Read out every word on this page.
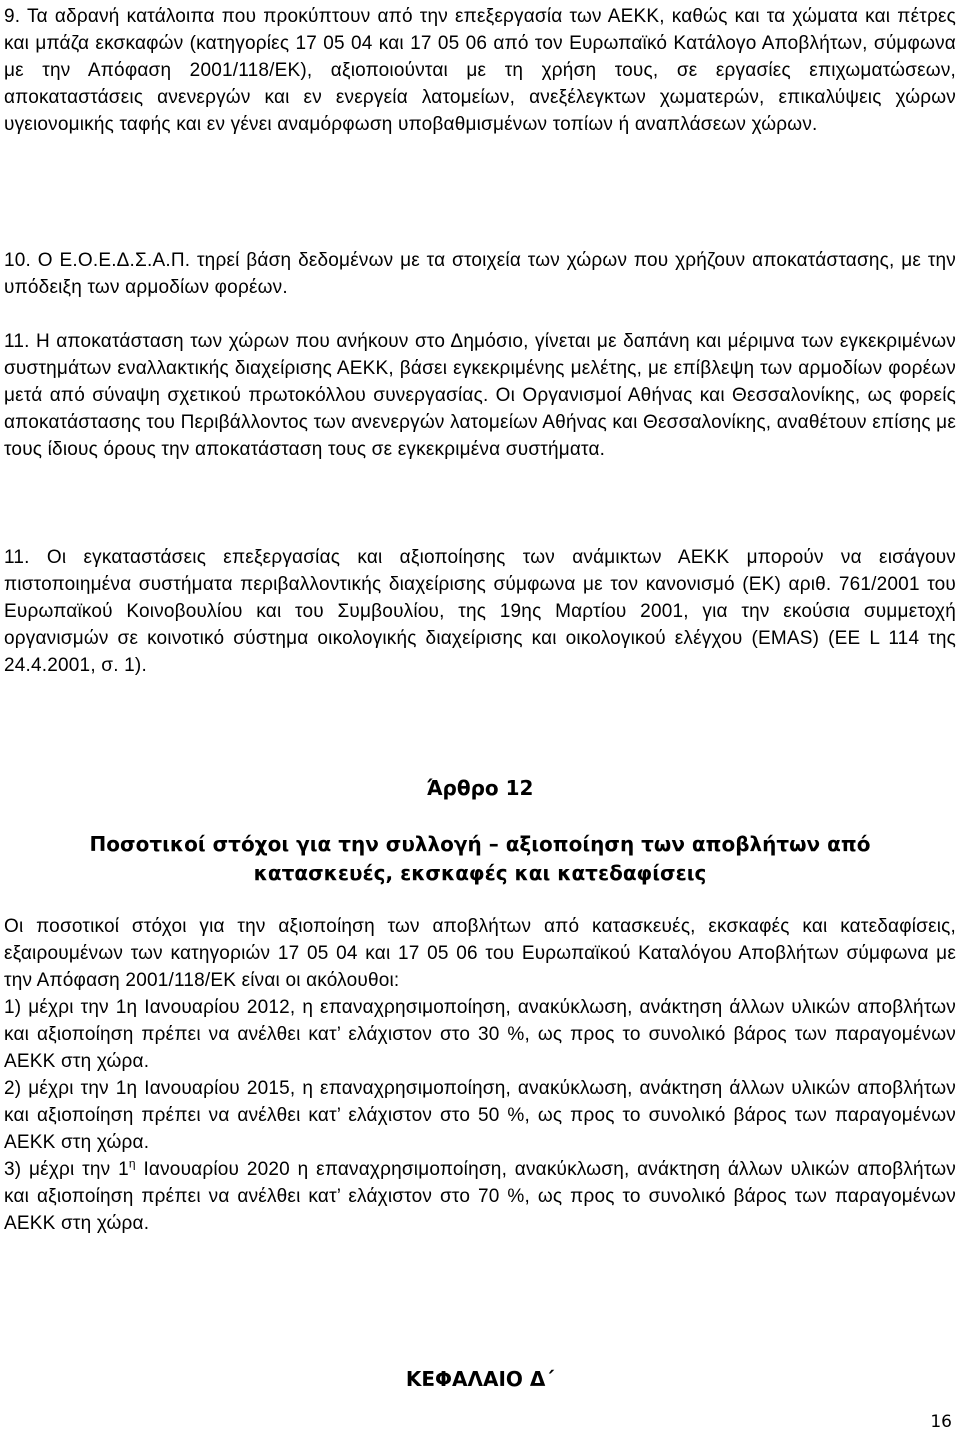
9. Τα αδρανή κατάλοιπα που προκύπτουν από την επεξεργασία των ΑΕΚΚ, καθώς και τα χώματα και πέτρες και μπάζα εκσκαφών (κατηγορίες 17 05 04 και 17 05 06 από τον Ευρωπαϊκό Κατάλογο Αποβλήτων, σύμφωνα με την Απόφαση 2001/118/ΕΚ), αξιοποιούνται με τη χρήση τους, σε εργασίες επιχωματώσεων, αποκαταστάσεις ανενεργών και εν ενεργεία λατομείων, ανεξέλεγκτων χωματερών, επικαλύψεις χώρων υγειονομικής ταφής και εν γένει αναμόρφωση υποβαθμισμένων τοπίων ή αναπλάσεων χώρων.

10. Ο Ε.Ο.Ε.Δ.Σ.Α.Π. τηρεί βάση δεδομένων με τα στοιχεία των χώρων που χρήζουν αποκατάστασης, με την υπόδειξη των αρμοδίων φορέων.

11. Η αποκατάσταση των χώρων που ανήκουν στο Δημόσιο, γίνεται με δαπάνη και μέριμνα των εγκεκριμένων συστημάτων εναλλακτικής διαχείρισης ΑΕΚΚ, βάσει εγκεκριμένης μελέτης, με επίβλεψη των αρμοδίων φορέων μετά από σύναψη σχετικού πρωτοκόλλου συνεργασίας. Οι Οργανισμοί Αθήνας και Θεσσαλονίκης, ως φορείς αποκατάστασης του Περιβάλλοντος των ανενεργών λατομείων Αθήνας και Θεσσαλονίκης, αναθέτουν επίσης με τους ίδιους όρους την αποκατάσταση τους σε εγκεκριμένα συστήματα.

11. Οι εγκαταστάσεις επεξεργασίας και αξιοποίησης των ανάμικτων ΑΕΚΚ μπορούν να εισάγουν πιστοποιημένα συστήματα περιβαλλοντικής διαχείρισης σύμφωνα με τον κανονισμό (ΕΚ) αριθ. 761/2001 του Ευρωπαϊκού Κοινοβουλίου και του Συμβουλίου, της 19ης Μαρτίου 2001, για την εκούσια συμμετοχή οργανισμών σε κοινοτικό σύστημα οικολογικής διαχείρισης και οικολογικού ελέγχου (EMAS) (ΕΕ L 114 της 24.4.2001, σ. 1).

Άρθρο 12
Ποσοτικοί στόχοι για την συλλογή – αξιοποίηση των αποβλήτων από κατασκευές, εκσκαφές και κατεδαφίσεις

Οι ποσοτικοί στόχοι για την αξιοποίηση των αποβλήτων από κατασκευές, εκσκαφές και κατεδαφίσεις, εξαιρουμένων των κατηγοριών 17 05 04 και 17 05 06 του Ευρωπαϊκού Καταλόγου Αποβλήτων σύμφωνα με την Απόφαση 2001/118/ΕΚ είναι οι ακόλουθοι:

1) μέχρι την 1η Ιανουαρίου 2012, η επαναχρησιμοποίηση, ανακύκλωση, ανάκτηση άλλων υλικών αποβλήτων και αξιοποίηση πρέπει να ανέλθει κατ’ ελάχιστον στο 30 %, ως προς το συνολικό βάρος των παραγομένων ΑΕΚΚ στη χώρα.

2) μέχρι την 1η Ιανουαρίου 2015, η επαναχρησιμοποίηση, ανακύκλωση, ανάκτηση άλλων υλικών αποβλήτων και αξιοποίηση πρέπει να ανέλθει κατ’ ελάχιστον στο 50 %, ως προς το συνολικό βάρος των παραγομένων ΑΕΚΚ στη χώρα.

3) μέχρι την $1^\eta$ Ιανουαρίου 2020 η επαναχρησιμοποίηση, ανακύκλωση, ανάκτηση άλλων υλικών αποβλήτων και αξιοποίηση πρέπει να ανέλθει κατ’ ελάχιστον στο 70 %, ως προς το συνολικό βάρος των παραγομένων ΑΕΚΚ στη χώρα.

ΚΕΦΑΛΑΙΟ Δ΄
16
